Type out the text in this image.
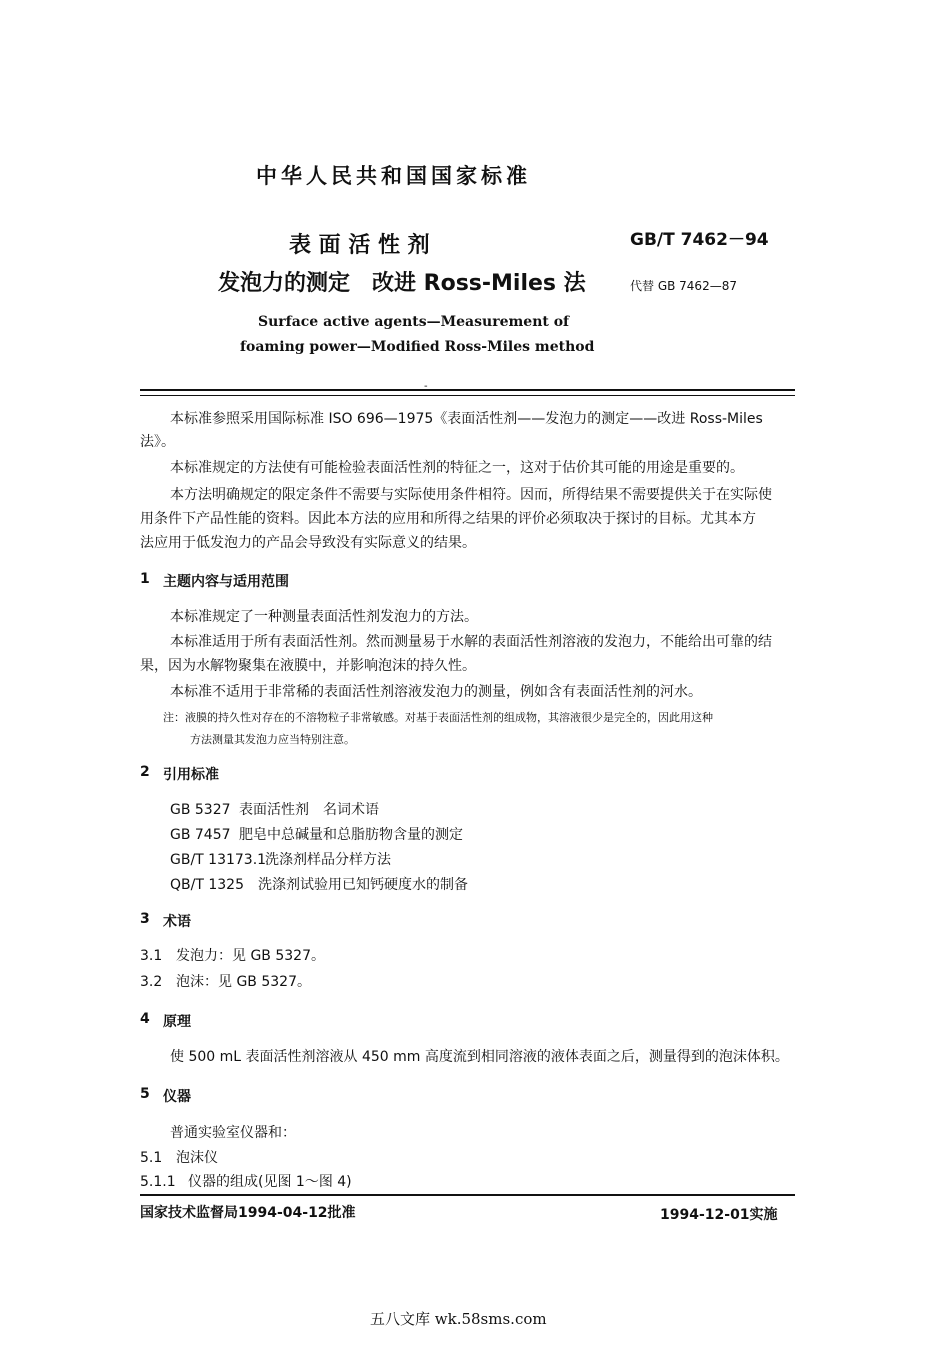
中华人民共和国国家标准
表 面 活 性 剂
发泡力的测定　改进 Ross-Miles 法
Surface active agents—Measurement of
foaming power—Modified Ross-Miles method
GB/T 7462－94
代替 GB 7462—87
-
本标准参照采用国际标准 ISO 696—1975《表面活性剂——发泡力的测定——改进 Ross-Miles
法》。
本标准规定的方法使有可能检验表面活性剂的特征之一，这对于估价其可能的用途是重要的。
本方法明确规定的限定条件不需要与实际使用条件相符。因而，所得结果不需要提供关于在实际使
用条件下产品性能的资料。因此本方法的应用和所得之结果的评价必须取决于探讨的目标。尤其本方
法应用于低发泡力的产品会导致没有实际意义的结果。
1 主题内容与适用范围
本标准规定了一种测量表面活性剂发泡力的方法。
本标准适用于所有表面活性剂。然而测量易于水解的表面活性剂溶液的发泡力，不能给出可靠的结
果，因为水解物聚集在液膜中，并影响泡沫的持久性。
本标准不适用于非常稀的表面活性剂溶液发泡力的测量，例如含有表面活性剂的河水。
注：液膜的持久性对存在的不溶物粒子非常敏感。对基于表面活性剂的组成物，其溶液很少是完全的，因此用这种
方法测量其发泡力应当特别注意。
2 引用标准
GB 5327 表面活性剂　名词术语
GB 7457 肥皂中总碱量和总脂肪物含量的测定
GB/T 13173.1
洗涤剂样品分样方法
QB/T 1325 洗涤剂试验用已知钙硬度水的制备
3 术语
3.1 发泡力：见 GB 5327。
3.2 泡沫：见 GB 5327。
4 原理
使 500 mL 表面活性剂溶液从 450 mm 高度流到相同溶液的液体表面之后，测量得到的泡沫体积。
5 仪器
普通实验室仪器和：
5.1 泡沫仪
5.1.1 仪器的组成(见图 1～图 4)
国家技术监督局1994-04-12批准	1994-12-01实施
五八文库 wk.58sms.com
